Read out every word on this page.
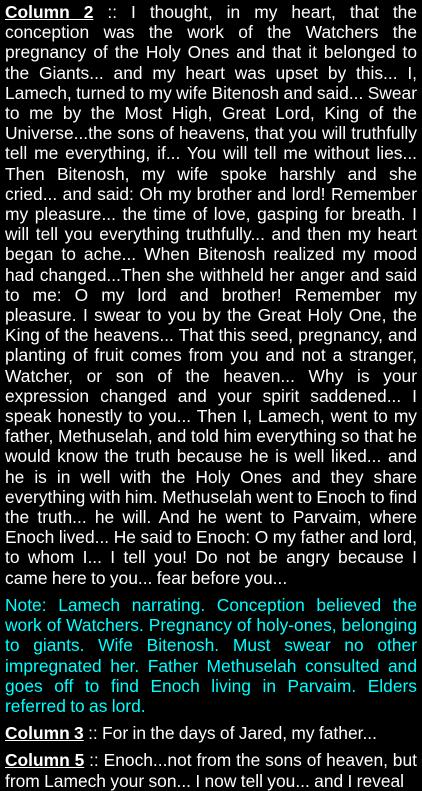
Column 2 :: I thought, in my heart, that the conception was the work of the Watchers the pregnancy of the Holy Ones and that it belonged to the Giants... and my heart was upset by this... I, Lamech, turned to my wife Bitenosh and said... Swear to me by the Most High, Great Lord, King of the Universe...the sons of heavens, that you will truthfully tell me everything, if... You will tell me without lies... Then Bitenosh, my wife spoke harshly and she cried... and said: Oh my brother and lord! Remember my pleasure... the time of love, gasping for breath. I will tell you everything truthfully... and then my heart began to ache... When Bitenosh realized my mood had changed...Then she withheld her anger and said to me: O my lord and brother! Remember my pleasure. I swear to you by the Great Holy One, the King of the heavens... That this seed, pregnancy, and planting of fruit comes from you and not a stranger, Watcher, or son of the heaven... Why is your expression changed and your spirit saddened... I speak honestly to you... Then I, Lamech, went to my father, Methuselah, and told him everything so that he would know the truth because he is well liked... and he is in well with the Holy Ones and they share everything with him. Methuselah went to Enoch to find the truth... he will. And he went to Parvaim, where Enoch lived... He said to Enoch: O my father and lord, to whom I... I tell you! Do not be angry because I came here to you... fear before you...

Note: Lamech narrating. Conception believed the work of Watchers. Pregnancy of holy-ones, belonging to giants. Wife Bitenosh. Must swear no other impregnated her. Father Methuselah consulted and goes off to find Enoch living in Parvaim. Elders referred to as lord.

Column 3 :: For in the days of Jared, my father...

Column 5 :: Enoch...not from the sons of heaven, but from Lamech your son... I now tell you... and I reveal
